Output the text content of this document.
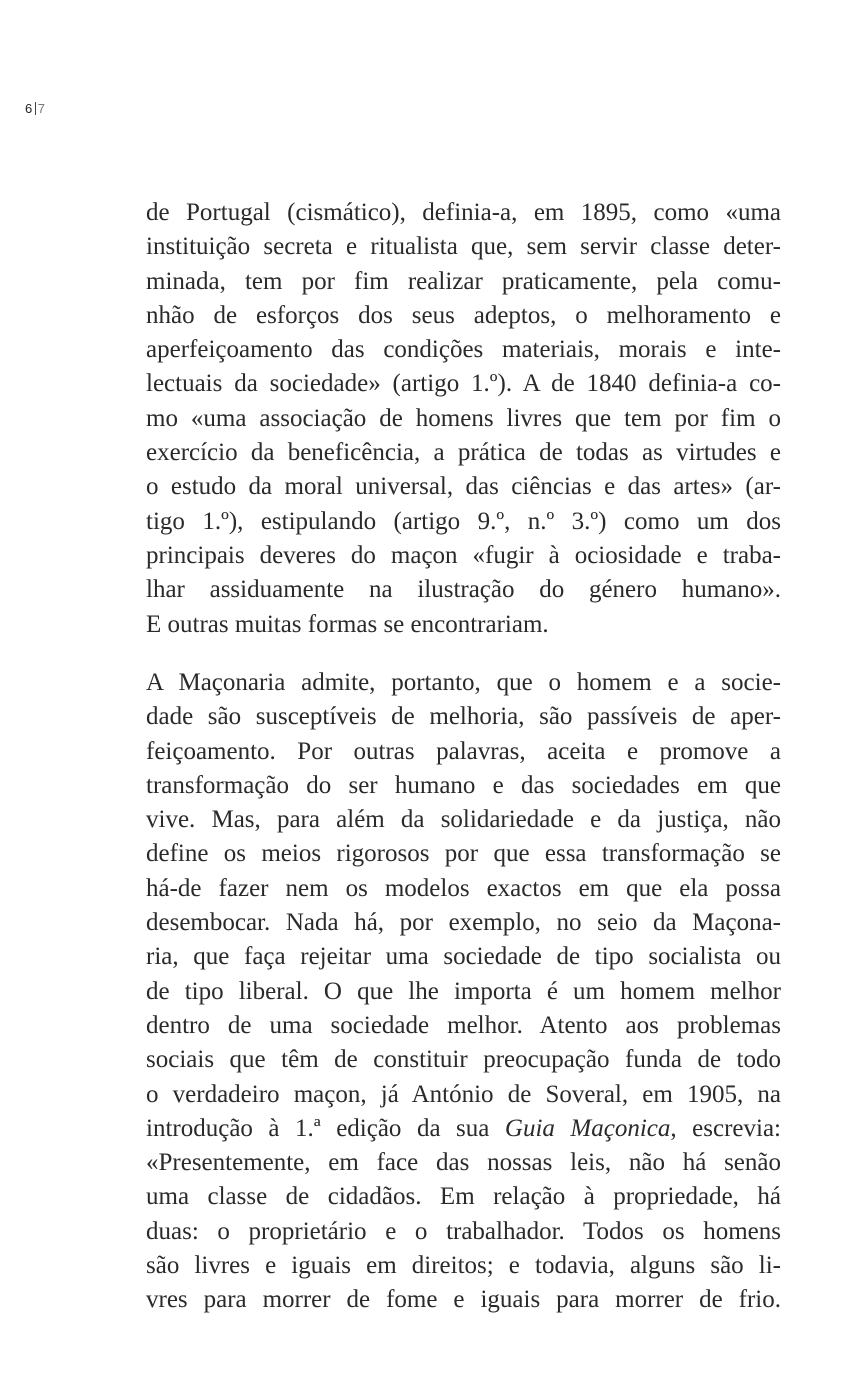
6 7
de Portugal (cismático), definia-a, em 1895, como «uma
instituição secreta e ritualista que, sem servir classe deter-
minada, tem por fim realizar praticamente, pela comu-
nhão de esforços dos seus adeptos, o melhoramento e
aperfeiçoamento das condições materiais, morais e inte-
lectuais da sociedade» (artigo 1.º). A de 1840 definia-a co-
mo «uma associação de homens livres que tem por fim o
exercício da beneficência, a prática de todas as virtudes e
o estudo da moral universal, das ciências e das artes» (ar-
tigo 1.º), estipulando (artigo 9.º, n.º 3.º) como um dos
principais deveres do maçon «fugir à ociosidade e traba-
lhar assiduamente na ilustração do género humano».
E outras muitas formas se encontrariam.
A Maçonaria admite, portanto, que o homem e a socie-
dade são susceptíveis de melhoria, são passíveis de aper-
feiçoamento. Por outras palavras, aceita e promove a
transformação do ser humano e das sociedades em que
vive. Mas, para além da solidariedade e da justiça, não
define os meios rigorosos por que essa transformação se
há-de fazer nem os modelos exactos em que ela possa
desembocar. Nada há, por exemplo, no seio da Maçona-
ria, que faça rejeitar uma sociedade de tipo socialista ou
de tipo liberal. O que lhe importa é um homem melhor
dentro de uma sociedade melhor. Atento aos problemas
sociais que têm de constituir preocupação funda de todo
o verdadeiro maçon, já António de Soveral, em 1905, na
introdução à 1.ª edição da sua Guia Maçonica, escrevia:
«Presentemente, em face das nossas leis, não há senão
uma classe de cidadãos. Em relação à propriedade, há
duas: o proprietário e o trabalhador. Todos os homens
são livres e iguais em direitos; e todavia, alguns são li-
vres para morrer de fome e iguais para morrer de frio.
